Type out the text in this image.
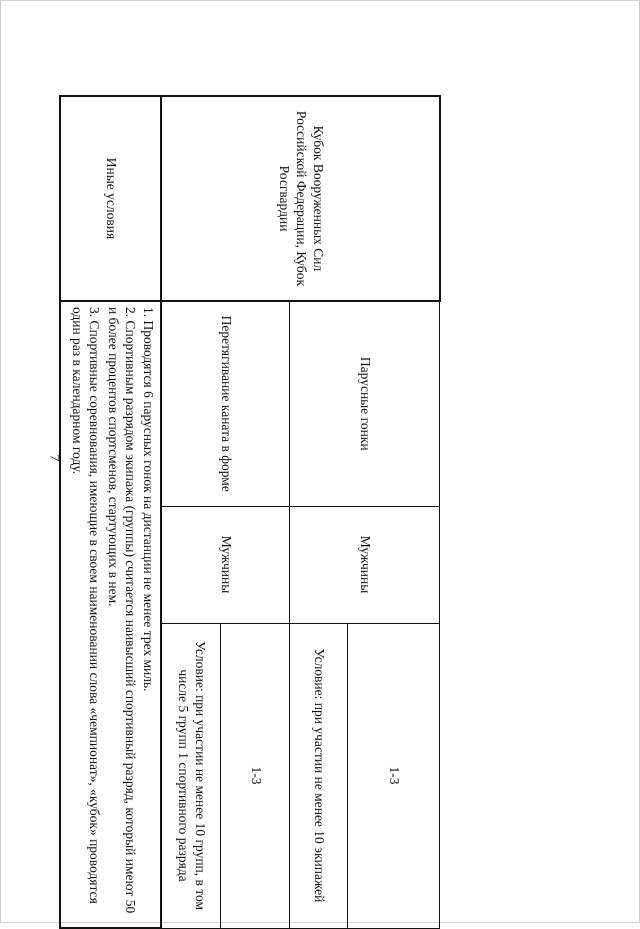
7
Кубок Вооруженных Сил Российской Федерации, Кубок Росгвардии	Парусные гонки	Мужчины	1-3
			Условие: при участии не менее 10 экипажей
	Перетягивание каната в форме	Мужчины	1-3
Условие: при участии не менее 10 групп, в том числе 5 групп 1 спортивного разряда

Иные условия	1. Проводятся 6 парусных гонок на дистанции не менее трех миль.

2. Спортивным разрядом экипажа (группы) считается наивысший спортивный разряд, который имеют 50 и более процентов спортсменов, стартующих в нем.

3. Спортивные соревнования, имеющие в своем наименовании слова «чемпионат», «кубок» проводятся один раз в календарном году.		
